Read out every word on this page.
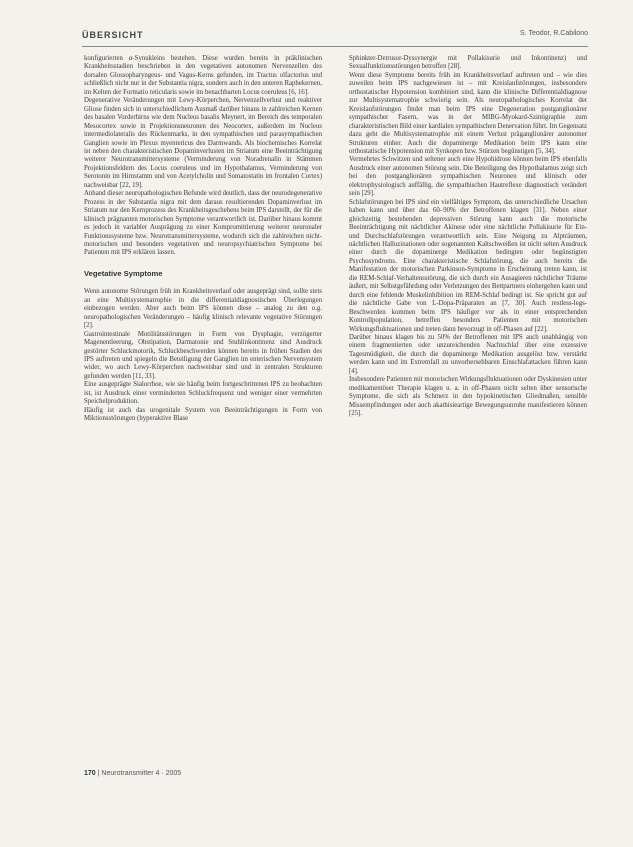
ÜBERSICHT	S. Teodor, R.Cabilono

konfigurierten α-Synukleins bestehen. Diese wurden bereits in präklinischen Krankheitsstadien beschrieben in den vegetativen autonomen Nervenzellen des dorsalen Glossopharyngeus- und Vagus-Kerns gefunden, im Tractus olfactorius und schließlich nicht nur in der Substantia nigra, sondern auch in den unteren Raphekernen, im Kelten der Formatio reticularis sowie im benachbarten Locus coeruleus [6, 16].

Degenerative Veränderungen mit Lewy-Körperchen, Nervenzellverlust und reaktiver Gliose finden sich in unterschiedlichem Ausmaß darüber hinaus in zahlreichen Kernen des basalen Vorderhirns wie dem Nucleus basalis Meynert, im Bereich des temporalen Mesocortex sowie in Projektionsneuronen des Neocortex, außerdem im Nucleus intermediolateralis des Rückenmarks, in den sympathischen und parasympathischen Ganglien sowie im Plexus myentericus des Darmwands. Als biochemisches Korrelat ist neben den charakteristischen Dopaminverlusten im Striatum eine Beeinträchtigung weiterer Neurotransmittersysteme (Verminderung von Noradrenalin in Stämmen Projektionsfeldern des Locus coeruleus und im Hypothalamus, Verminderung von Serotonin im Hirnstamm und von Acetylcholin und Somatostatin im frontalen Cortex) nachweisbar [22, 19].

Anhand dieser neuropathologischen Befunde wird deutlich, dass der neurodegenerative Prozess in der Substantia nigra mit dem daraus resultierenden Dopaminverlust im Striatum nur den Kernprozess des Krankheitsgeschehens beim IPS darstellt, der für die klinisch prägnanten motorischen Symptome verantwortlich ist. Darüber hinaus kommt es jedoch in variabler Ausprägung zu einer Kompromittierung weiterer neuronaler Funktionssysteme bzw. Neurotransmittersysteme, wodurch sich die zahlreichen nicht-motorischen und besonders vegetativen und neuropsychiatrischen Symptome bei Patienten mit IPS erklären lassen.

Vegetative Symptome

Wenn autonome Störungen früh im Krankheitsverlauf oder ausgeprägt sind, sollte stets an eine Multisystematrophie in die differentialdiagnostischen Überlegungen einbezogen werden. Aber auch beim IPS können diese – analog zu den o.g. neuropathologischen Veränderungen – häufig klinisch relevante vegetative Störungen [2].

Gastrointestinale Motilitätsstörungen in Form von Dysphagie, verzögerter Magenentleerung, Obstipation, Darmatonie und Stuhlinkontinenz sind Ausdruck gestörter Schluckmotorik, Schluckbeschwerden können bereits in frühen Stadien des IPS auftreten und spiegeln die Beteiligung der Ganglien im enterischen Nervensystem wider, wo auch Lewy-Körperchen nachweisbar sind und in zentralen Strukturen gefunden werden [11, 33].

Eine ausgeprägte Sialorrhoe, wie sie häufig beim fortgeschrittenen IPS zu beobachten ist, ist Ausdruck einer verminderten Schluckfrequenz und weniger einer vermehrten Speichelproduktion.

Häufig ist auch das urogenitale System von Beeinträchtigungen in Form von Miktionsstörungen (hyperaktive Blase

Sphinkter-Detrusor-Dyssynergie mit Pollakisurie und Inkontinenz) und Sexualfunktionsstörungen betroffen [28].

Wenn diese Symptome bereits früh im Krankheitsverlauf auftreten und – wie dies zuweilen beim IPS nachgewiesen ist – mit Kreislaufstörungen, insbesondere orthostatischer Hypotension kombiniert sind, kann die klinische Differentialdiagnose zur Multisystematrophie schwierig sein. Als neuropathologisches Korrelat der Kreislaufstörungen findet man beim IPS eine Degeneration postganglionärer sympathischer Fasern, was in der MIBG-Myokard-Szintigraphie zum charakteristischen Bild einer kardialen sympathischen Denervation führt. Im Gegensatz dazu geht die Multisystematrophie mit einem Verlust präganglionärer autonomer Strukturen einher. Auch die dopaminerge Medikation beim IPS kann eine orthostatische Hypotension mit Synkopen bzw. Stürzen begünstigen [5, 34].

Vermehrtes Schwitzen und seltener auch eine Hypohidrose können beim IPS ebenfalls Ausdruck einer autonomen Störung sein. Die Beteiligung des Hypothalamus zeigt sich bei den postganglionären sympathischen Neuronen und klinisch oder elektrophysiologisch auffällig, die sympathischen Hautreflexe diagnostisch verändert sein [29].

Schlafstörungen bei IPS sind ein vielfältiges Symptom, das unterschiedliche Ursachen haben kann und über das 60–90% der Betroffenen klagen [31]. Neben einer gleichzeitig bestehenden depressiven Störung kann auch die motorische Beeinträchtigung mit nächtlicher Akinese oder eine nächtliche Pollakisurie für Ein- und Durchschlafstörungen verantwortlich sein. Eine Neigung zu Alpträumen, nächtlichen Halluzinationen oder sogenannten Kaltschweißen ist nicht selten Ausdruck einer durch die dopaminerge Medikation bedingten oder begünstigten Psychosyndroms. Eine charakteristische Schlafstörung, die auch bereits die Manifestation der motorischen Parkinson-Symptome in Erscheinung treten kann, ist die REM-Schlaf-Verhaltensstörung, die sich durch ein Ausagieren nächtlicher Träume äußert, mit Selbstgefährdung oder Verletzungen des Bettpartners einhergehen kann und durch eine fehlende Muskelinhibition im REM-Schlaf bedingt ist. Sie spricht gut auf die nächtliche Gabe von L-Dopa-Präparaten an [7, 30]. Auch restless-legs-Beschwerden kommen beim IPS häufiger vor als in einer entsprechenden Kontrollpopulation, betreffen besonders Patienten mit motorischen Wirkungsfluktuationen und treten dann bevorzugt in off-Phasen auf [22].

Darüber hinaus klagen bis zu 50% der Betroffenen mit IPS auch unabhängig von einem fragmentierten oder unzureichenden Nachtschlaf über eine exzessive Tagesmüdigkeit, die durch die dopaminerge Medikation ausgelöst bzw. verstärkt werden kann und im Extremfall zu unvorhersehbaren Einschlafattacken führen kann [4].

Insbesondere Patienten mit motorischen Wirkungsfluktuationen oder Dyskinesien unter medikamentöser Therapie klagen u. a. in off-Phasen nicht selten über sensorische Symptome, die sich als Schmerz in den hypokinetischen Gliedmaßen, sensible Missempfindungen oder auch akathisieartige Bewegungsunruhe manifestieren können [25].

170 | Neurotransmitter 4 · 2005
